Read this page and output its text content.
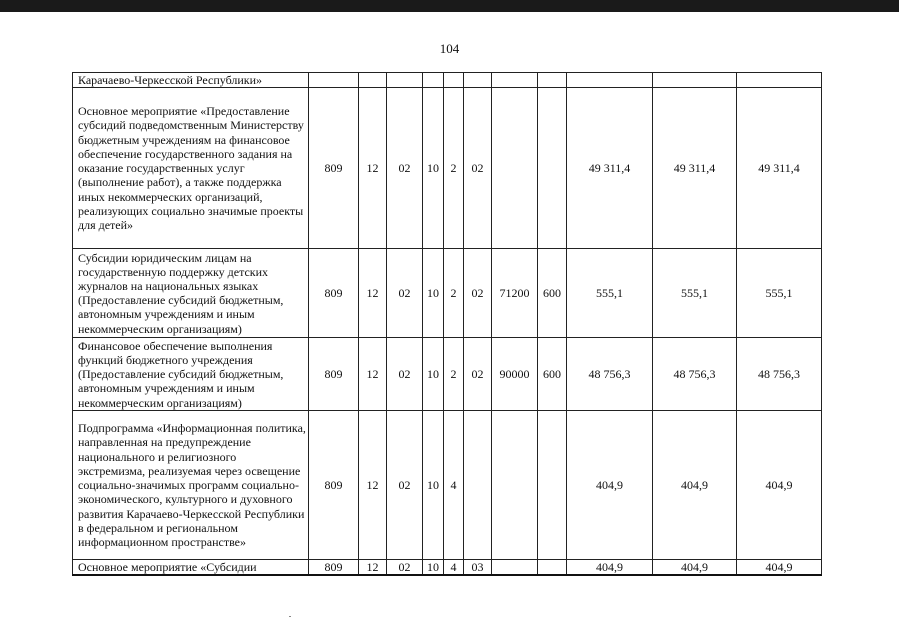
104
Карачаево-Черкесской Республики»											
Основное мероприятие «Предоставление субсидий подведомственным Министерству бюджетным учреждениям на финансовое обеспечение государственного задания на оказание государственных услуг (выполнение работ), а также поддержка иных некоммерческих организаций, реализующих социально значимые проекты для детей»	809	12	02	10	2	02			49 311,4	49 311,4	49 311,4
Субсидии юридическим лицам на государственную поддержку детских журналов на национальных языках (Предоставление субсидий бюджетным, автономным учреждениям и иным некоммерческим организациям)	809	12	02	10	2	02	71200	600	555,1	555,1	555,1
Финансовое обеспечение выполнения функций бюджетного учреждения (Предоставление субсидий бюджетным, автономным учреждениям и иным некоммерческим организациям)	809	12	02	10	2	02	90000	600	48 756,3	48 756,3	48 756,3
Подпрограмма «Информационная политика, направленная на предупреждение национального и религиозного экстремизма, реализуемая через освещение социально-значимых программ социально-экономического, культурного и духовного развития Карачаево-Черкесской Республики в федеральном и региональном информационном пространстве»	809	12	02	10	4				404,9	404,9	404,9
Основное мероприятие «Субсидии	809	12	02	10	4	03			404,9	404,9	404,9
